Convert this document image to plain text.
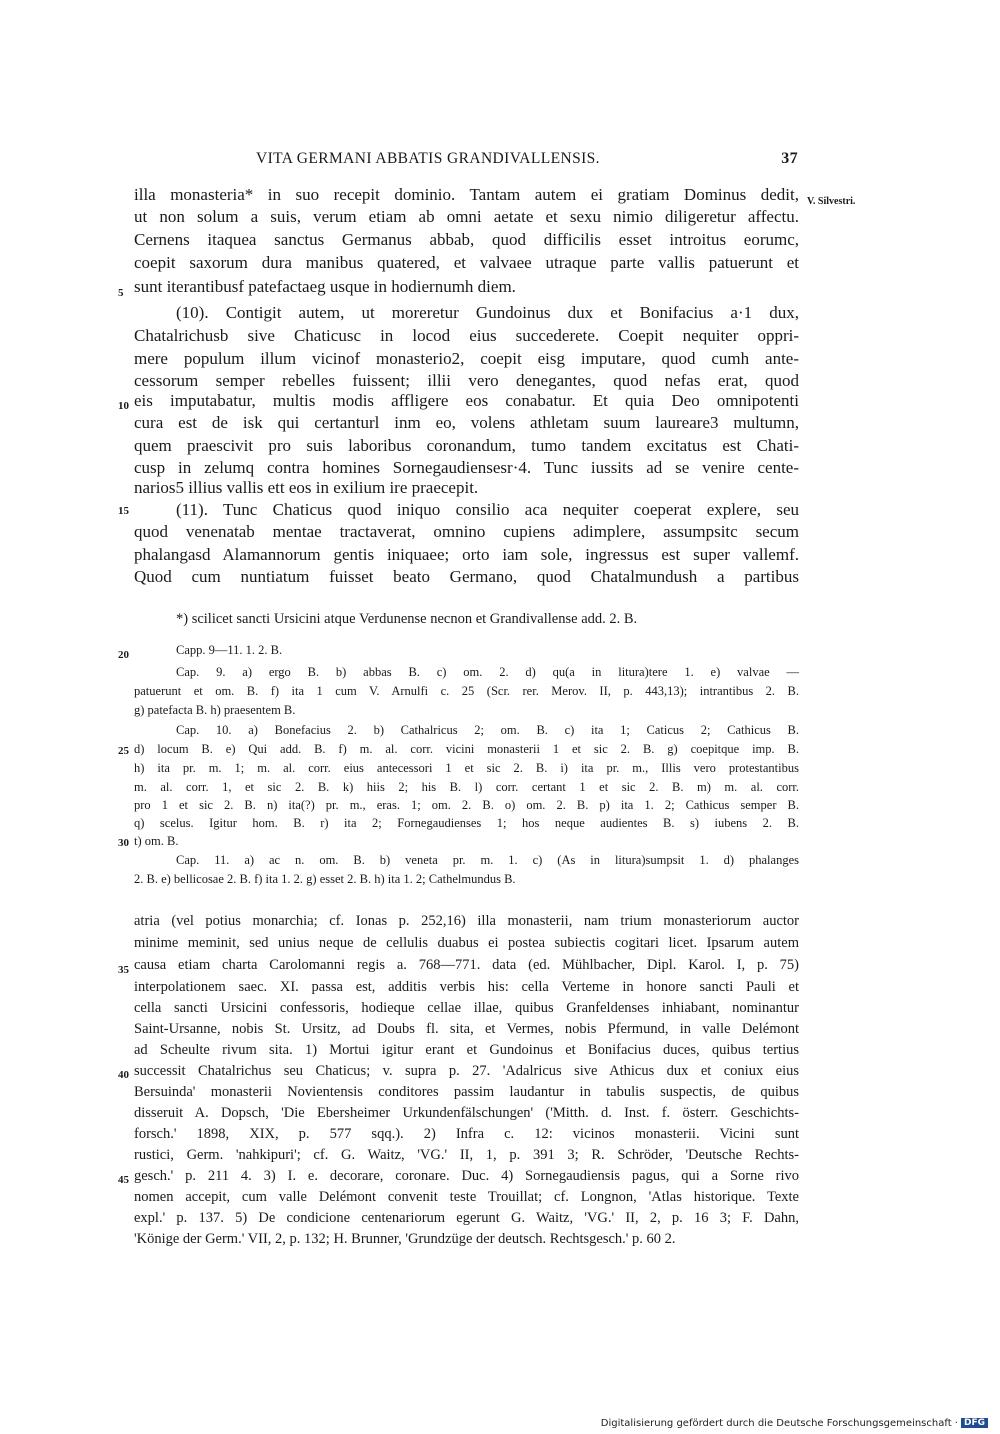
VITA GERMANI ABBATIS GRANDIVALLENSIS.	37
V. Silvestri.
5
10
15
20
25
30
35
40
45
illa monasteria* in suo recepit dominio. Tantam autem ei gratiam Dominus dedit,
ut non solum a suis, verum etiam ab omni aetate et sexu nimio diligeretur affectu.
Cernens itaquea sanctus Germanus abbab, quod difficilis esset introitus eorumc,
coepit saxorum dura manibus quatered, et valvaee utraque parte vallis patuerunt et
sunt iterantibusf patefactaeg usque in hodiernumh diem.
(10). Contigit autem, ut moreretur Gundoinus dux et Bonifacius a·1 dux,
Chatalrichusb sive Chaticusc in locod eius succederete. Coepit nequiter oppri-
mere populum illum vicinof monasterio2, coepit eisg imputare, quod cumh ante-
cessorum semper rebelles fuissent; illii vero denegantes, quod nefas erat, quod
eis imputabatur, multis modis affligere eos conabatur. Et quia Deo omnipotenti
cura est de isk qui certanturl inm eo, volens athletam suum laureare3 multumn,
quem praescivit pro suis laboribus coronandum, tumo tandem excitatus est Chati-
cusp in zelumq contra homines Sornegaudiensesr·4. Tunc iussits ad se venire cente-
narios5 illius vallis ett eos in exilium ire praecepit.
(11). Tunc Chaticus quod iniquo consilio aca nequiter coeperat explere, seu
quod venenatab mentae tractaverat, omnino cupiens adimplere, assumpsitc secum
phalangasd Alamannorum gentis iniquaee; orto iam sole, ingressus est super vallemf.
Quod cum nuntiatum fuisset beato Germano, quod Chatalmundush a partibus
*) scilicet sancti Ursicini atque Verdunense necnon et Grandivallense add. 2. B.
Capp. 9—11. 1. 2. B.
Cap. 9. a) ergo B. b) abbas B. c) om. 2. d) qu(a in litura)tere 1. e) valvae —
patuerunt et om. B. f) ita 1 cum V. Arnulfi c. 25 (Scr. rer. Merov. II, p. 443,13); intrantibus 2. B.
g) patefacta B. h) praesentem B.
Cap. 10. a) Bonefacius 2. b) Cathalricus 2; om. B. c) ita 1; Caticus 2; Cathicus B.
d) locum B. e) Qui add. B. f) m. al. corr. vicini monasterii 1 et sic 2. B. g) coepitque imp. B.
h) ita pr. m. 1; m. al. corr. eius antecessori 1 et sic 2. B. i) ita pr. m., Illis vero protestantibus
m. al. corr. 1, et sic 2. B. k) hiis 2; his B. l) corr. certant 1 et sic 2. B. m) m. al. corr.
pro 1 et sic 2. B. n) ita(?) pr. m., eras. 1; om. 2. B. o) om. 2. B. p) ita 1. 2; Cathicus semper B.
q) scelus. Igitur hom. B. r) ita 2; Fornegaudienses 1; hos neque audientes B. s) iubens 2. B.
t) om. B.
Cap. 11. a) ac n. om. B. b) veneta pr. m. 1. c) (As in litura)sumpsit 1. d) phalanges
2. B. e) bellicosae 2. B. f) ita 1. 2. g) esset 2. B. h) ita 1. 2; Cathelmundus B.
atria (vel potius monarchia; cf. Ionas p. 252,16) illa monasterii, nam trium monasteriorum auctor
minime meminit, sed unius neque de cellulis duabus ei postea subiectis cogitari licet. Ipsarum autem
causa etiam charta Carolomanni regis a. 768—771. data (ed. Mühlbacher, Dipl. Karol. I, p. 75)
interpolationem saec. XI. passa est, additis verbis his: cella Verteme in honore sancti Pauli et
cella sancti Ursicini confessoris, hodieque cellae illae, quibus Granfeldenses inhiabant, nominantur
Saint-Ursanne, nobis St. Ursitz, ad Doubs fl. sita, et Vermes, nobis Pfermund, in valle Delémont
ad Scheulte rivum sita. 1) Mortui igitur erant et Gundoinus et Bonifacius duces, quibus tertius
successit Chatalrichus seu Chaticus; v. supra p. 27. 'Adalricus sive Athicus dux et coniux eius
Bersuinda' monasterii Novientensis conditores passim laudantur in tabulis suspectis, de quibus
disseruit A. Dopsch, 'Die Ebersheimer Urkundenfälschungen' ('Mitth. d. Inst. f. österr. Geschichts-
forsch.' 1898, XIX, p. 577 sqq.). 2) Infra c. 12: vicinos monasterii. Vicini sunt
rustici, Germ. 'nahkipuri'; cf. G. Waitz, 'VG.' II, 1, p. 391 3; R. Schröder, 'Deutsche Rechts-
gesch.' p. 211 4. 3) I. e. decorare, coronare. Duc. 4) Sornegaudiensis pagus, qui a Sorne rivo
nomen accepit, cum valle Delémont convenit teste Trouillat; cf. Longnon, 'Atlas historique. Texte
expl.' p. 137. 5) De condicione centenariorum egerunt G. Waitz, 'VG.' II, 2, p. 16 3; F. Dahn,
'Könige der Germ.' VII, 2, p. 132; H. Brunner, 'Grundzüge der deutsch. Rechtsgesch.' p. 60 2.
Digitalisierung gefördert durch die Deutsche Forschungsgemeinschaft · DFG
